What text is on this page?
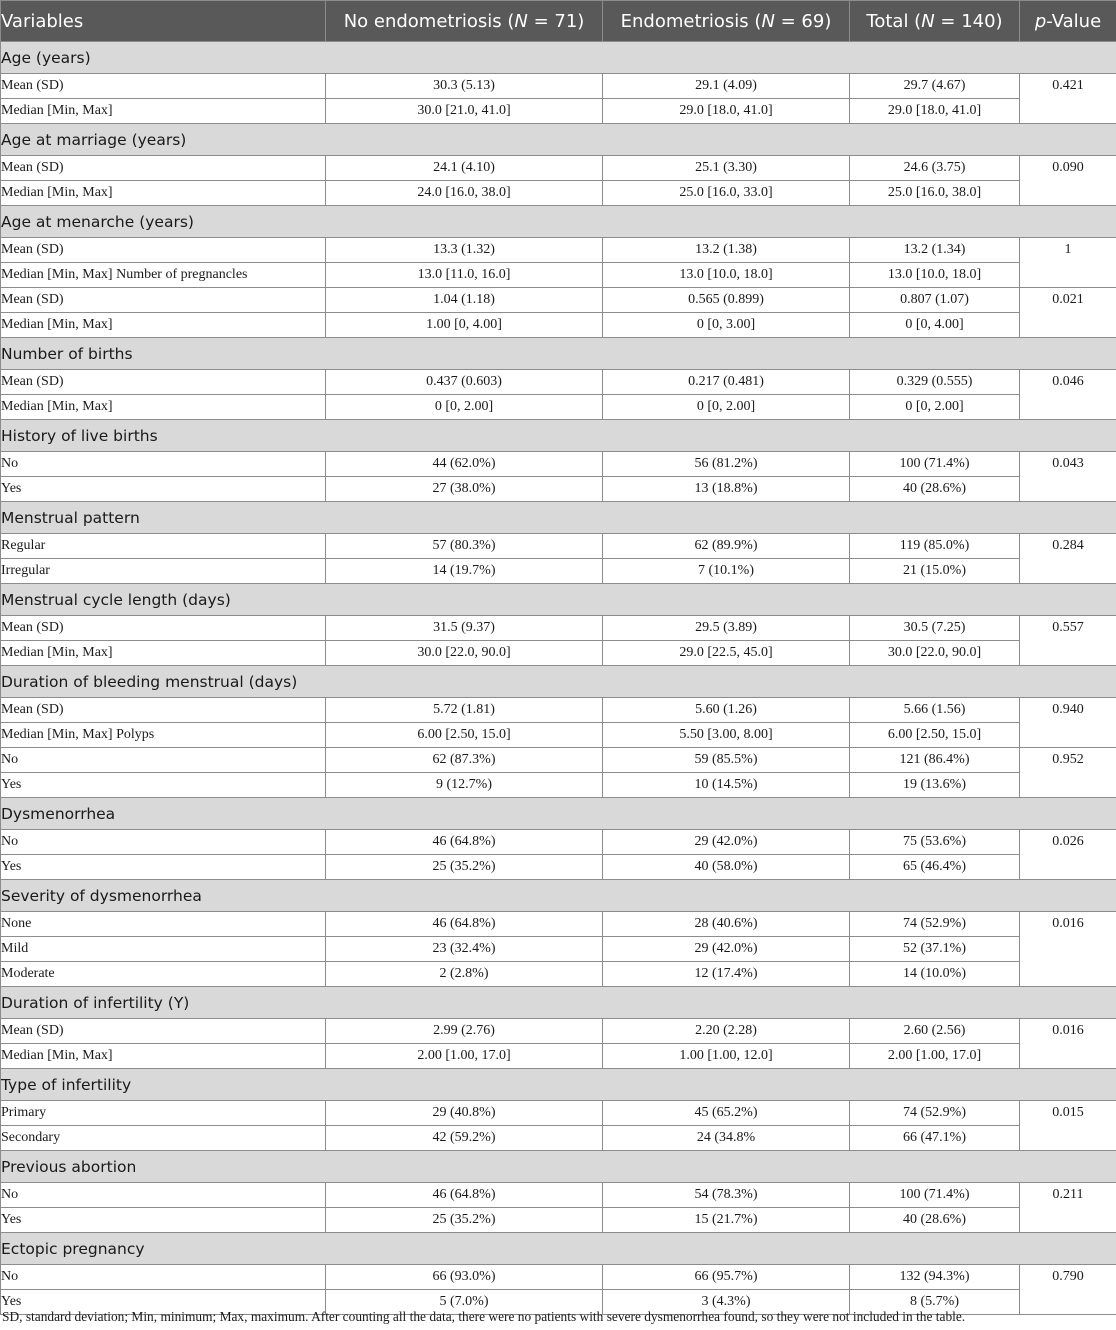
Variables	No endometriosis (N = 71)	Endometriosis (N = 69)	Total (N = 140)	p-Value
Age (years)				
Mean (SD)	30.3 (5.13)	29.1 (4.09)	29.7 (4.67)	0.421
Median [Min, Max]	30.0 [21.0, 41.0]	29.0 [18.0, 41.0]	29.0 [18.0, 41.0]	
Age at marriage (years)				
Mean (SD)	24.1 (4.10)	25.1 (3.30)	24.6 (3.75)	0.090
Median [Min, Max]	24.0 [16.0, 38.0]	25.0 [16.0, 33.0]	25.0 [16.0, 38.0]	
Age at menarche (years)				
Mean (SD)	13.3 (1.32)	13.2 (1.38)	13.2 (1.34)	1
Median [Min, Max] Number of pregnancles	13.0 [11.0, 16.0]	13.0 [10.0, 18.0]	13.0 [10.0, 18.0]	
Mean (SD)	1.04 (1.18)	0.565 (0.899)	0.807 (1.07)	0.021
Median [Min, Max]	1.00 [0, 4.00]	0 [0, 3.00]	0 [0, 4.00]	
Number of births				
Mean (SD)	0.437 (0.603)	0.217 (0.481)	0.329 (0.555)	0.046
Median [Min, Max]	0 [0, 2.00]	0 [0, 2.00]	0 [0, 2.00]	
History of live births				
No	44 (62.0%)	56 (81.2%)	100 (71.4%)	0.043
Yes	27 (38.0%)	13 (18.8%)	40 (28.6%)	
Menstrual pattern				
Regular	57 (80.3%)	62 (89.9%)	119 (85.0%)	0.284
Irregular	14 (19.7%)	7 (10.1%)	21 (15.0%)	
Menstrual cycle length (days)				
Mean (SD)	31.5 (9.37)	29.5 (3.89)	30.5 (7.25)	0.557
Median [Min, Max]	30.0 [22.0, 90.0]	29.0 [22.5, 45.0]	30.0 [22.0, 90.0]	
Duration of bleeding menstrual (days)				
Mean (SD)	5.72 (1.81)	5.60 (1.26)	5.66 (1.56)	0.940
Median [Min, Max] Polyps	6.00 [2.50, 15.0]	5.50 [3.00, 8.00]	6.00 [2.50, 15.0]	
No	62 (87.3%)	59 (85.5%)	121 (86.4%)	0.952
Yes	9 (12.7%)	10 (14.5%)	19 (13.6%)	
Dysmenorrhea				
No	46 (64.8%)	29 (42.0%)	75 (53.6%)	0.026
Yes	25 (35.2%)	40 (58.0%)	65 (46.4%)	
Severity of dysmenorrhea				
None	46 (64.8%)	28 (40.6%)	74 (52.9%)	0.016
Mild	23 (32.4%)	29 (42.0%)	52 (37.1%)	
Moderate	2 (2.8%)	12 (17.4%)	14 (10.0%)	
Duration of infertility (Y)				
Mean (SD)	2.99 (2.76)	2.20 (2.28)	2.60 (2.56)	0.016
Median [Min, Max]	2.00 [1.00, 17.0]	1.00 [1.00, 12.0]	2.00 [1.00, 17.0]	
Type of infertility				
Primary	29 (40.8%)	45 (65.2%)	74 (52.9%)	0.015
Secondary	42 (59.2%)	24 (34.8%	66 (47.1%)	
Previous abortion				
No	46 (64.8%)	54 (78.3%)	100 (71.4%)	0.211
Yes	25 (35.2%)	15 (21.7%)	40 (28.6%)	
Ectopic pregnancy				
No	66 (93.0%)	66 (95.7%)	132 (94.3%)	0.790
Yes	5 (7.0%)	3 (4.3%)	8 (5.7%)	
SD, standard deviation; Min, minimum; Max, maximum. After counting all the data, there were no patients with severe dysmenorrhea found, so they were not included in the table.
